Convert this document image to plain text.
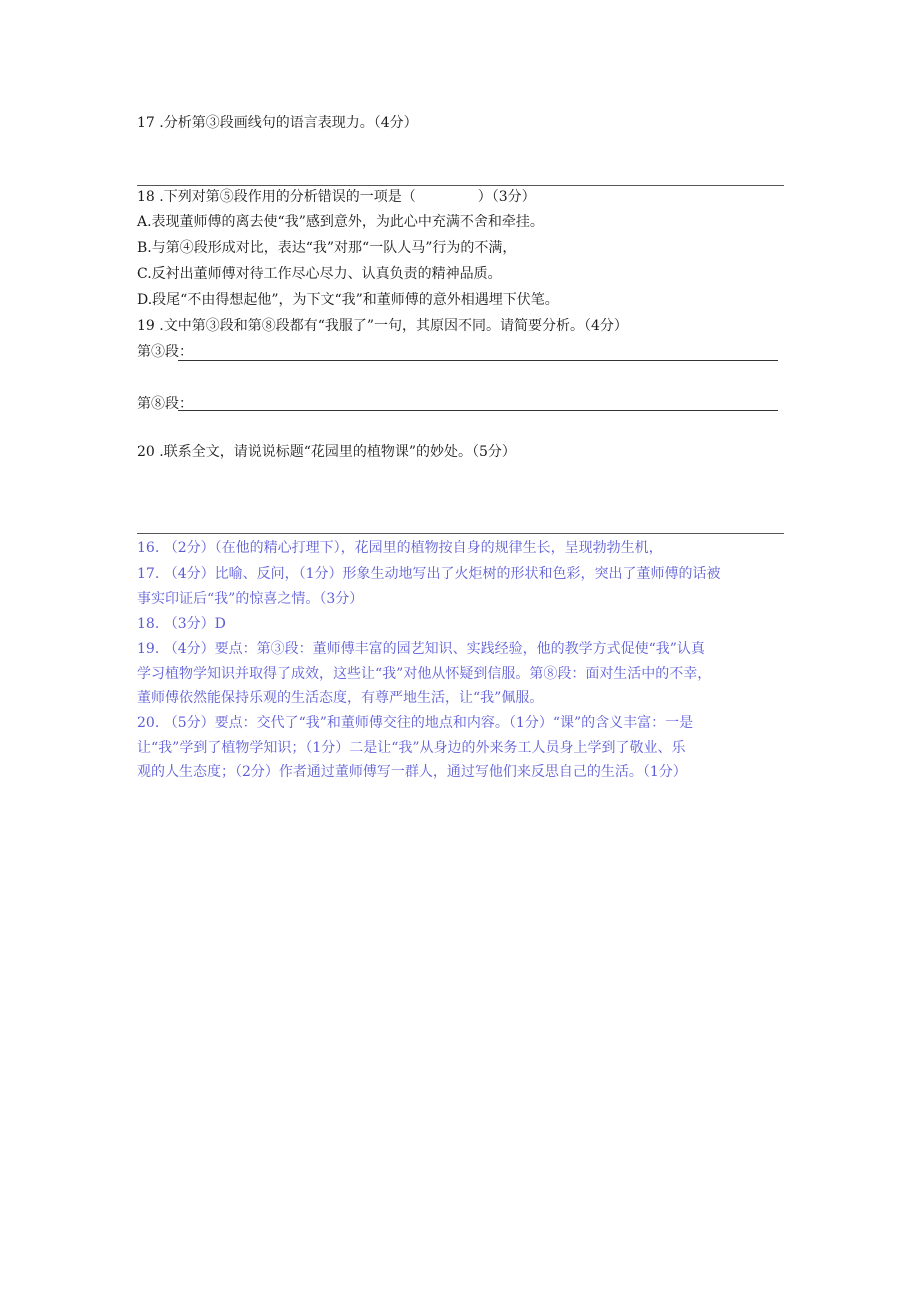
17 .分析第③段画线句的语言表现力。（4分）
18 .下列对第⑤段作用的分析错误的一项是（	）（3分）
A.表现董师傅的离去使“我”感到意外，为此心中充满不舍和牵挂。
B.与第④段形成对比，表达“我”对那“一队人马”行为的不满，
C.反衬出董师傅对待工作尽心尽力、认真负责的精神品质。
D.段尾“不由得想起他”，为下文“我”和董师傅的意外相遇埋下伏笔。
19 .文中第③段和第⑧段都有“我服了”一句，其原因不同。请简要分析。（4分）
第③段：
第⑧段：
20 .联系全文，请说说标题“花园里的植物课”的妙处。（5分）
16. （2分）（在他的精心打理下），花园里的植物按自身的规律生长，呈现勃勃生机，
17. （4分）比喻、反问，（1分）形象生动地写出了火炬树的形状和色彩，突出了董师傅的话被
事实印证后“我”的惊喜之情。（3分）
18. （3分）D
19. （4分）要点：第③段：董师傅丰富的园艺知识、实践经验，他的教学方式促使“我”认真
学习植物学知识并取得了成效，这些让“我”对他从怀疑到信服。第⑧段：面对生活中的不幸，
董师傅依然能保持乐观的生活态度，有尊严地生活，让“我”佩服。
20. （5分）要点：交代了“我”和董师傅交往的地点和内容。（1分）“课”的含义丰富：一是
让“我”学到了植物学知识；（1分）二是让“我”从身边的外来务工人员身上学到了敬业、乐
观的人生态度；（2分）作者通过董师傅写一群人，通过写他们来反思自己的生活。（1分）
